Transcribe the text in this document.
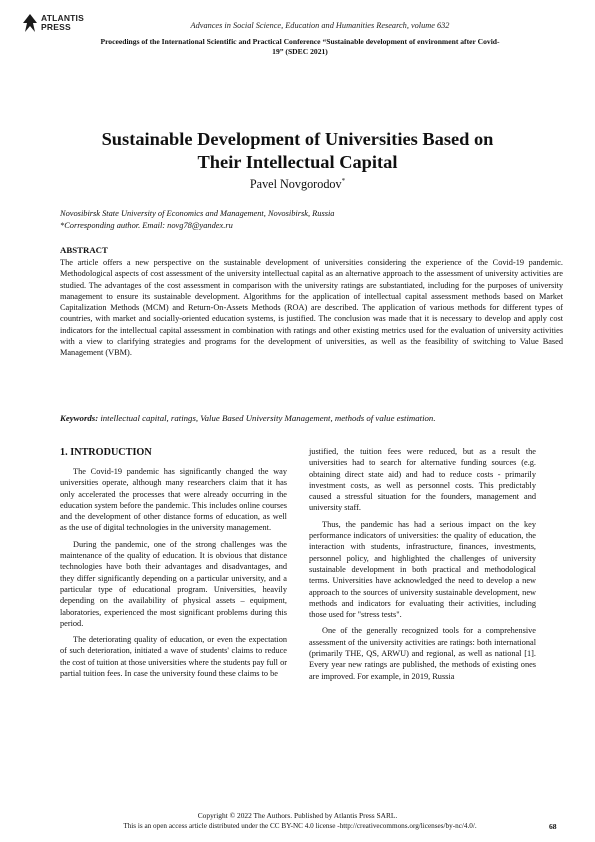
ATLANTIS
PRESS	Advances in Social Science, Education and Humanities Research, volume 632
Proceedings of the International Scientific and Practical Conference “Sustainable development of environment after Covid-19” (SDEC 2021)
Sustainable Development of Universities Based on
Their Intellectual Capital
Pavel Novgorodov*
Novosibirsk State University of Economics and Management, Novosibirsk, Russia
*Corresponding author. Email: novg78@yandex.ru
ABSTRACT

The article offers a new perspective on the sustainable development of universities considering the experience of the Covid-19 pandemic. Methodological aspects of cost assessment of the university intellectual capital as an alternative approach to the assessment of university activities are studied. The advantages of the cost assessment in comparison with the university ratings are substantiated, including for the purposes of university management to ensure its sustainable development. Algorithms for the application of intellectual capital assessment methods based on Market Capitalization Methods (MCM) and Return-On-Assets Methods (ROA) are described. The application of various methods for different types of countries, with market and socially-oriented education systems, is justified. The conclusion was made that it is necessary to develop and apply cost indicators for the intellectual capital assessment in combination with ratings and other existing metrics used for the evaluation of university activities with a view to clarifying strategies and programs for the development of universities, as well as the feasibility of switching to Value Based Management (VBM).

Keywords: intellectual capital, ratings, Value Based University Management, methods of value estimation.
1. INTRODUCTION

The Covid-19 pandemic has significantly changed the way universities operate, although many researchers claim that it has only accelerated the processes that were already occurring in the education system before the pandemic. This includes online courses and the development of other distance forms of education, as well as the use of digital technologies in the university management.

During the pandemic, one of the strong challenges was the maintenance of the quality of education. It is obvious that distance technologies have both their advantages and disadvantages, and they differ significantly depending on a particular university, and a particular type of educational program. Universities, heavily depending on the availability of physical assets – equipment, laboratories, experienced the most significant problems during this period.

The deteriorating quality of education, or even the expectation of such deterioration, initiated a wave of students' claims to reduce the cost of tuition at those universities where the students pay full or partial tuition fees. In case the university found these claims to be

justified, the tuition fees were reduced, but as a result the universities had to search for alternative funding sources (e.g. obtaining direct state aid) and had to reduce costs - primarily investment costs, as well as personnel costs. This predictably caused a stressful situation for the founders, management and university staff.

Thus, the pandemic has had a serious impact on the key performance indicators of universities: the quality of education, the interaction with students, infrastructure, finances, investments, personnel policy, and highlighted the challenges of university sustainable development in both practical and methodological terms. Universities have acknowledged the need to develop a new approach to the sources of university sustainable development, new methods and indicators for evaluating their activities, including those used for "stress tests".

One of the generally recognized tools for a comprehensive assessment of the university activities are ratings: both international (primarily THE, QS, ARWU) and regional, as well as national [1]. Every year new ratings are published, the methods of existing ones are improved. For example, in 2019, Russia

Copyright © 2022 The Authors. Published by Atlantis Press SARL.
This is an open access article distributed under the CC BY-NC 4.0 license -http://creativecommons.org/licenses/by-nc/4.0/.	68
